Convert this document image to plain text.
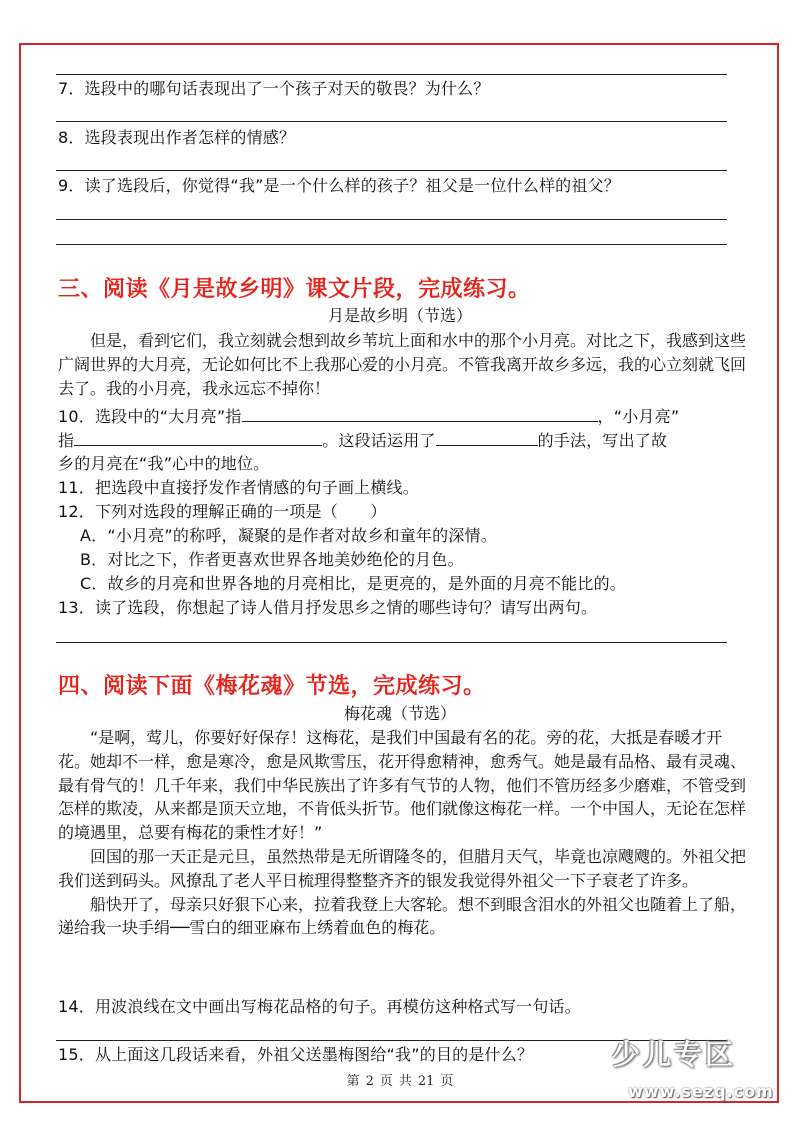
7．选段中的哪句话表现出了一个孩子对天的敬畏？为什么？
8．选段表现出作者怎样的情感？
9．读了选段后，你觉得“我”是一个什么样的孩子？祖父是一位什么样的祖父？
三、阅读《月是故乡明》课文片段，完成练习。
月是故乡明（节选）

但是，看到它们，我立刻就会想到故乡苇坑上面和水中的那个小月亮。对比之下，我感到这些广阔世界的大月亮，无论如何比不上我那心爱的小月亮。不管我离开故乡多远，我的心立刻就飞回去了。我的小月亮，我永远忘不掉你！

10．选段中的“大月亮”指	，“小月亮”
指	。这段话运用了	的手法，写出了故
乡的月亮在“我”心中的地位。
11．把选段中直接抒发作者情感的句子画上横线。
12．下列对选段的理解正确的一项是（　　）
A．“小月亮”的称呼，凝聚的是作者对故乡和童年的深情。
B．对比之下，作者更喜欢世界各地美妙绝伦的月色。
C．故乡的月亮和世界各地的月亮相比，是更亮的，是外面的月亮不能比的。
13．读了选段，你想起了诗人借月抒发思乡之情的哪些诗句？请写出两句。
四、阅读下面《梅花魂》节选，完成练习。
梅花魂（节选）

“是啊，莺儿，你要好好保存！这梅花，是我们中国最有名的花。旁的花，大抵是春暖才开花。她却不一样，愈是寒冷，愈是风欺雪压，花开得愈精神，愈秀气。她是最有品格、最有灵魂、最有骨气的！几千年来，我们中华民族出了许多有气节的人物，他们不管历经多少磨难，不管受到怎样的欺凌，从来都是顶天立地，不肯低头折节。他们就像这梅花一样。一个中国人，无论在怎样的境遇里，总要有梅花的秉性才好！”

回国的那一天正是元旦，虽然热带是无所谓隆冬的，但腊月天气，毕竟也凉飕飕的。外祖父把我们送到码头。风撩乱了老人平日梳理得整整齐齐的银发我觉得外祖父一下子衰老了许多。

船快开了，母亲只好狠下心来，拉着我登上大客轮。想不到眼含泪水的外祖父也随着上了船，递给我一块手绢──雪白的细亚麻布上绣着血色的梅花。

14．用波浪线在文中画出写梅花品格的句子。再模仿这种格式写一句话。
15．从上面这几段话来看，外祖父送墨梅图给“我”的目的是什么？
第 2 页 共 21 页
少儿专区
www.sezq.com
